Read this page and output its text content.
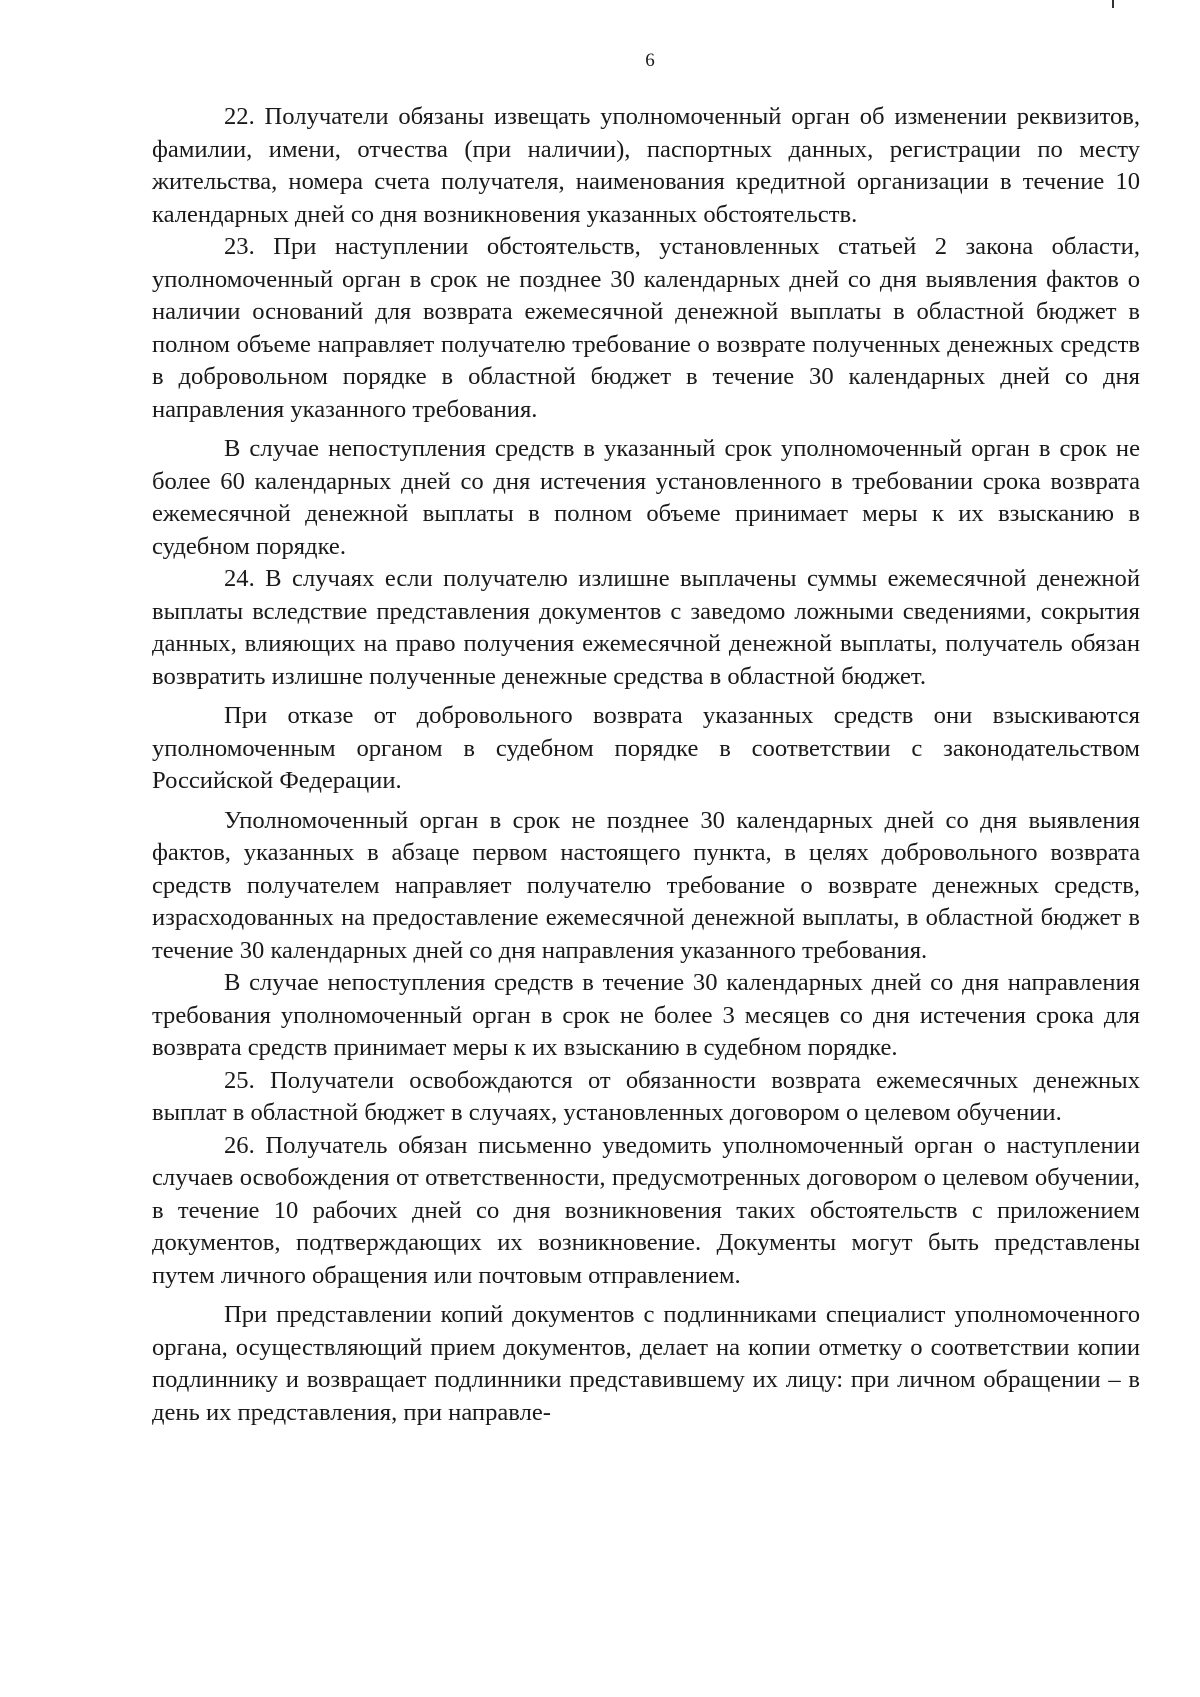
6

22. Получатели обязаны извещать уполномоченный орган об изменении реквизитов, фамилии, имени, отчества (при наличии), паспортных данных, регистрации по месту жительства, номера счета получателя, наименования кредитной организации в течение 10 календарных дней со дня возникновения указанных обстоятельств.

23. При наступлении обстоятельств, установленных статьей 2 закона области, уполномоченный орган в срок не позднее 30 календарных дней со дня выявления фактов о наличии оснований для возврата ежемесячной денежной выплаты в областной бюджет в полном объеме направляет получателю требование о возврате полученных денежных средств в добровольном порядке в областной бюджет в течение 30 календарных дней со дня направления указанного требования.

В случае непоступления средств в указанный срок уполномоченный орган в срок не более 60 календарных дней со дня истечения установленного в требовании срока возврата ежемесячной денежной выплаты в полном объеме принимает меры к их взысканию в судебном порядке.

24. В случаях если получателю излишне выплачены суммы ежемесячной денежной выплаты вследствие представления документов с заведомо ложными сведениями, сокрытия данных, влияющих на право получения ежемесячной денежной выплаты, получатель обязан возвратить излишне полученные денежные средства в областной бюджет.

При отказе от добровольного возврата указанных средств они взыскиваются уполномоченным органом в судебном порядке в соответствии с законодательством Российской Федерации.

Уполномоченный орган в срок не позднее 30 календарных дней со дня выявления фактов, указанных в абзаце первом настоящего пункта, в целях добровольного возврата средств получателем направляет получателю требование о возврате денежных средств, израсходованных на предоставление ежемесячной денежной выплаты, в областной бюджет в течение 30 календарных дней со дня направления указанного требования.

В случае непоступления средств в течение 30 календарных дней со дня направления требования уполномоченный орган в срок не более 3 месяцев со дня истечения срока для возврата средств принимает меры к их взысканию в судебном порядке.

25. Получатели освобождаются от обязанности возврата ежемесячных денежных выплат в областной бюджет в случаях, установленных договором о целевом обучении.

26. Получатель обязан письменно уведомить уполномоченный орган о наступлении случаев освобождения от ответственности, предусмотренных договором о целевом обучении, в течение 10 рабочих дней со дня возникновения таких обстоятельств с приложением документов, подтверждающих их возникновение. Документы могут быть представлены путем личного обращения или почтовым отправлением.

При представлении копий документов с подлинниками специалист уполномоченного органа, осуществляющий прием документов, делает на копии отметку о соответствии копии подлиннику и возвращает подлинники представившему их лицу: при личном обращении – в день их представления, при направле-
